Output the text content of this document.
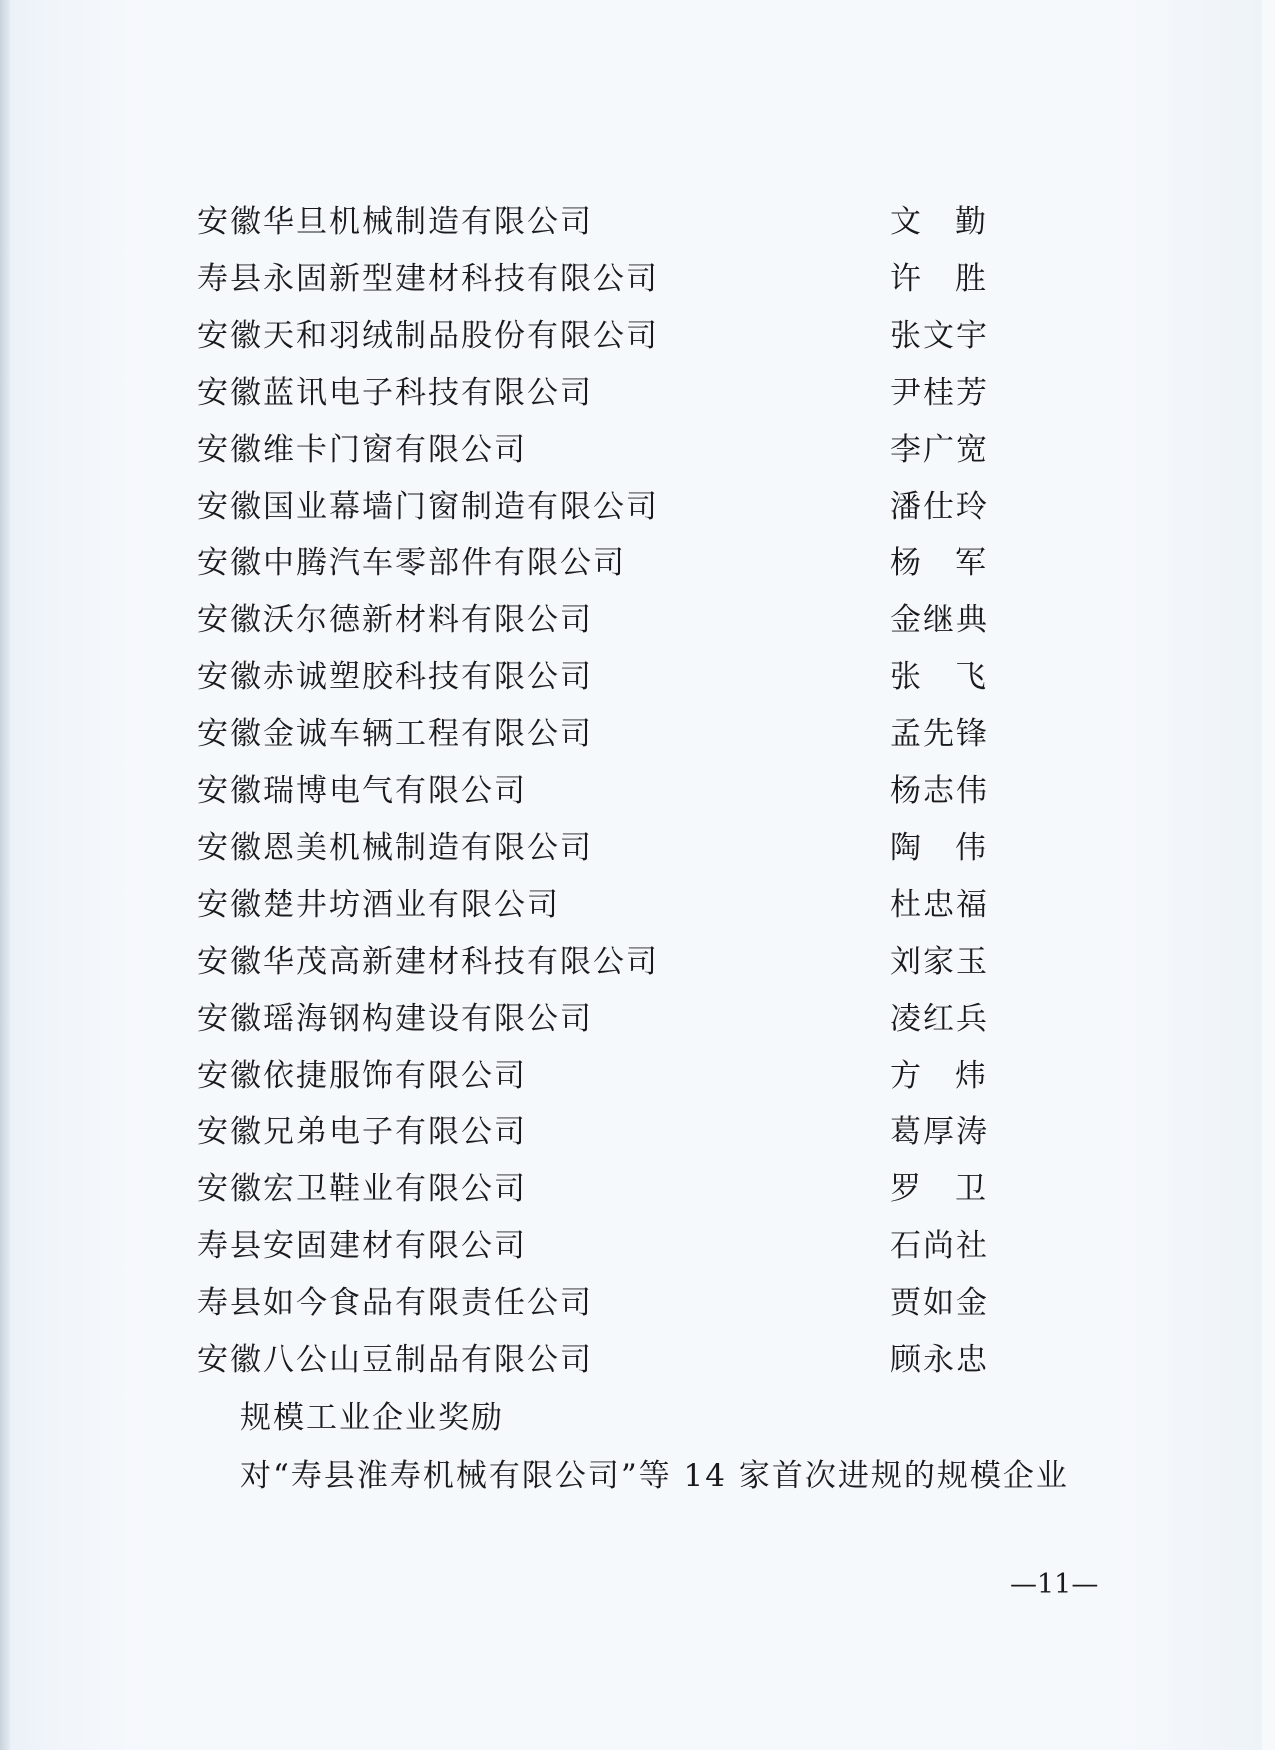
安徽华旦机械制造有限公司	文勤
寿县永固新型建材科技有限公司	许胜
安徽天和羽绒制品股份有限公司	张文宇
安徽蓝讯电子科技有限公司	尹桂芳
安徽维卡门窗有限公司	李广宽
安徽国业幕墙门窗制造有限公司	潘仕玲
安徽中腾汽车零部件有限公司	杨军
安徽沃尔德新材料有限公司	金继典
安徽赤诚塑胶科技有限公司	张飞
安徽金诚车辆工程有限公司	孟先锋
安徽瑞博电气有限公司	杨志伟
安徽恩美机械制造有限公司	陶伟
安徽楚井坊酒业有限公司	杜忠福
安徽华茂高新建材科技有限公司	刘家玉
安徽瑶海钢构建设有限公司	凌红兵
安徽依捷服饰有限公司	方炜
安徽兄弟电子有限公司	葛厚涛
安徽宏卫鞋业有限公司	罗卫
寿县安固建材有限公司	石尚社
寿县如今食品有限责任公司	贾如金
安徽八公山豆制品有限公司	顾永忠
规模工业企业奖励
对“寿县淮寿机械有限公司”等 14 家首次进规的规模企业
—11—
